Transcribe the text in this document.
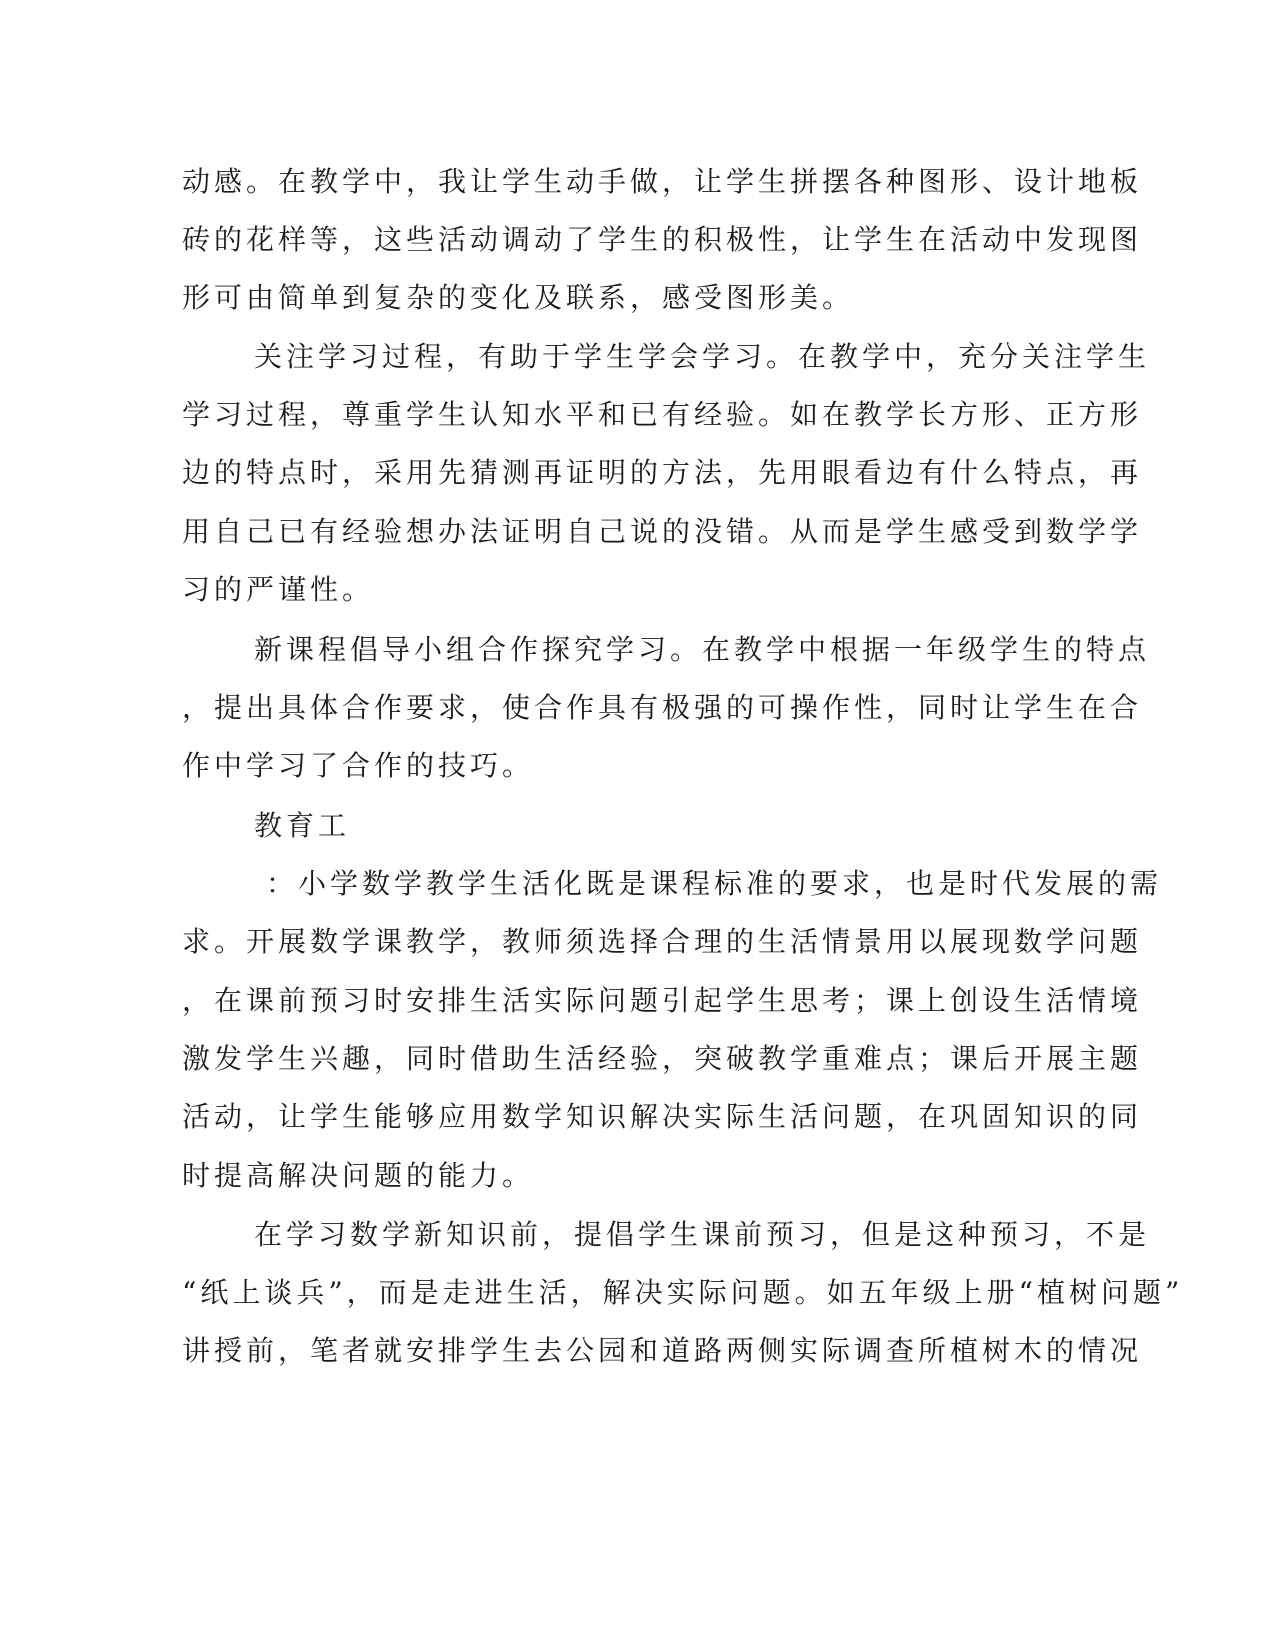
动感。在教学中，我让学生动手做，让学生拼摆各种图形、设计地板
砖的花样等，这些活动调动了学生的积极性，让学生在活动中发现图
形可由简单到复杂的变化及联系，感受图形美。
关注学习过程，有助于学生学会学习。在教学中，充分关注学生
学习过程，尊重学生认知水平和已有经验。如在教学长方形、正方形
边的特点时，采用先猜测再证明的方法，先用眼看边有什么特点，再
用自己已有经验想办法证明自己说的没错。从而是学生感受到数学学
习的严谨性。
新课程倡导小组合作探究学习。在教学中根据一年级学生的特点
，提出具体合作要求，使合作具有极强的可操作性，同时让学生在合
作中学习了合作的技巧。
教育工
：小学数学教学生活化既是课程标准的要求，也是时代发展的需
求。开展数学课教学，教师须选择合理的生活情景用以展现数学问题
，在课前预习时安排生活实际问题引起学生思考；课上创设生活情境
激发学生兴趣，同时借助生活经验，突破教学重难点；课后开展主题
活动，让学生能够应用数学知识解决实际生活问题，在巩固知识的同
时提高解决问题的能力。
在学习数学新知识前，提倡学生课前预习，但是这种预习，不是
“纸上谈兵”，而是走进生活，解决实际问题。如五年级上册“植树问题”
讲授前，笔者就安排学生去公园和道路两侧实际调查所植树木的情况
